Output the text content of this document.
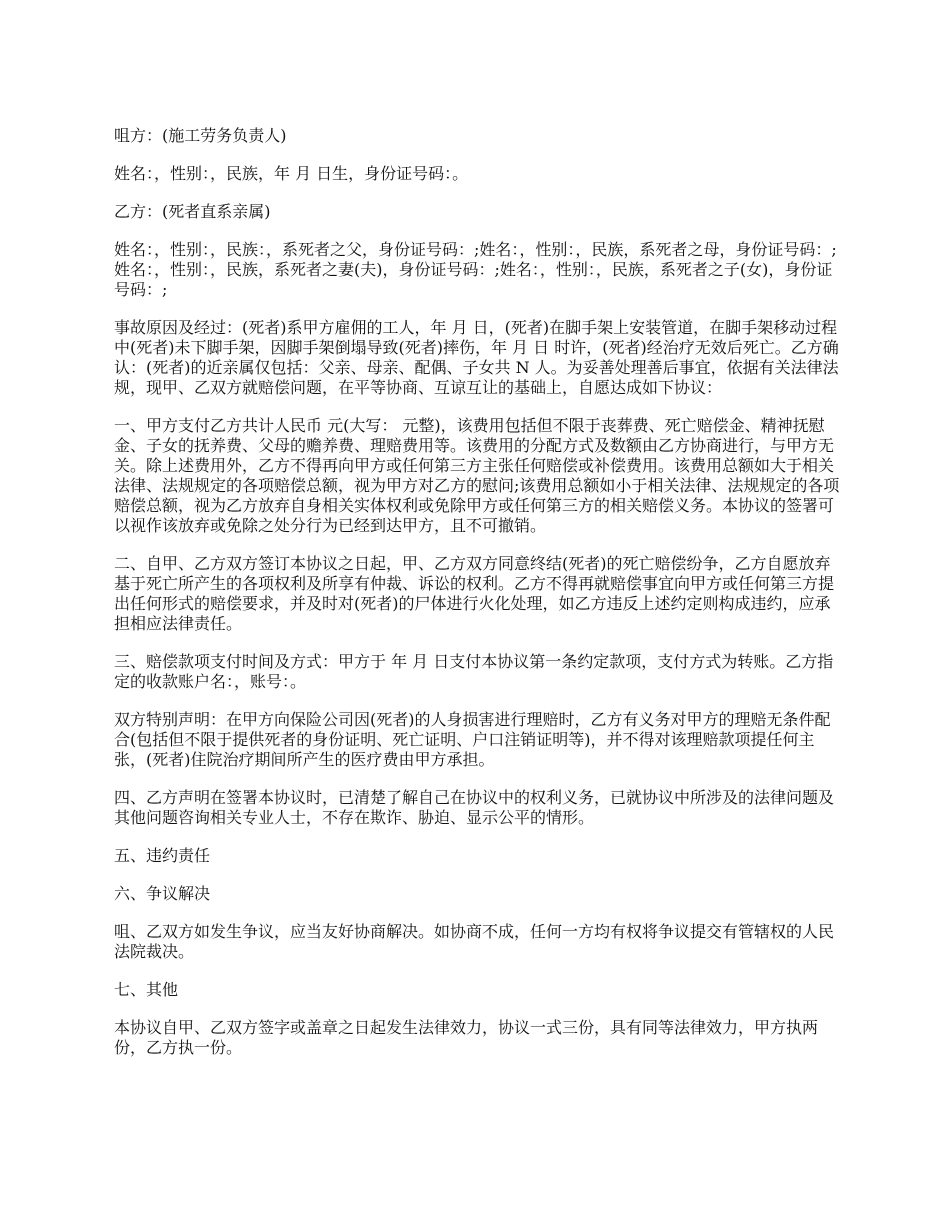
咀方：(施工劳务负责人)

姓名：，性别：，民族，年 月 日生，身份证号码：。

乙方：(死者直系亲属)

姓名：，性别：，民族：，系死者之父，身份证号码：;姓名：，性别：，民族，系死者之母，身份证号码：;姓名：，性别：，民族，系死者之妻(夫)，身份证号码：;姓名：，性别：，民族，系死者之子(女)，身份证号码：;

事故原因及经过：(死者)系甲方雇佣的工人，年 月 日，(死者)在脚手架上安装管道，在脚手架移动过程中(死者)未下脚手架，因脚手架倒塌导致(死者)摔伤，年 月 日 时许，(死者)经治疗无效后死亡。乙方确认：(死者)的近亲属仅包括：父亲、母亲、配偶、子女共 N 人。为妥善处理善后事宜，依据有关法律法规，现甲、乙双方就赔偿问题，在平等协商、互谅互让的基础上，自愿达成如下协议：

一、甲方支付乙方共计人民币 元(大写： 元整)，该费用包括但不限于丧葬费、死亡赔偿金、精神抚慰金、子女的抚养费、父母的赡养费、理赔费用等。该费用的分配方式及数额由乙方协商进行，与甲方无关。除上述费用外，乙方不得再向甲方或任何第三方主张任何赔偿或补偿费用。该费用总额如大于相关法律、法规规定的各项赔偿总额，视为甲方对乙方的慰问;该费用总额如小于相关法律、法规规定的各项赔偿总额，视为乙方放弃自身相关实体权利或免除甲方或任何第三方的相关赔偿义务。本协议的签署可以视作该放弃或免除之处分行为已经到达甲方，且不可撤销。

二、自甲、乙方双方签订本协议之日起，甲、乙方双方同意终结(死者)的死亡赔偿纷争，乙方自愿放弃基于死亡所产生的各项权利及所享有仲裁、诉讼的权利。乙方不得再就赔偿事宜向甲方或任何第三方提出任何形式的赔偿要求，并及时对(死者)的尸体进行火化处理，如乙方违反上述约定则构成违约，应承担相应法律责任。

三、赔偿款项支付时间及方式：甲方于 年 月 日支付本协议第一条约定款项，支付方式为转账。乙方指定的收款账户名：，账号：。

双方特别声明：在甲方向保险公司因(死者)的人身损害进行理赔时，乙方有义务对甲方的理赔无条件配合(包括但不限于提供死者的身份证明、死亡证明、户口注销证明等)，并不得对该理赔款项提任何主张，(死者)住院治疗期间所产生的医疗费由甲方承担。

四、乙方声明在签署本协议时，已清楚了解自己在协议中的权利义务，已就协议中所涉及的法律问题及其他问题咨询相关专业人士，不存在欺诈、胁迫、显示公平的情形。

五、违约责任

六、争议解决

咀、乙双方如发生争议，应当友好协商解决。如协商不成，任何一方均有权将争议提交有管辖权的人民法院裁决。

七、其他

本协议自甲、乙双方签字或盖章之日起发生法律效力，协议一式三份，具有同等法律效力，甲方执两份，乙方执一份。
